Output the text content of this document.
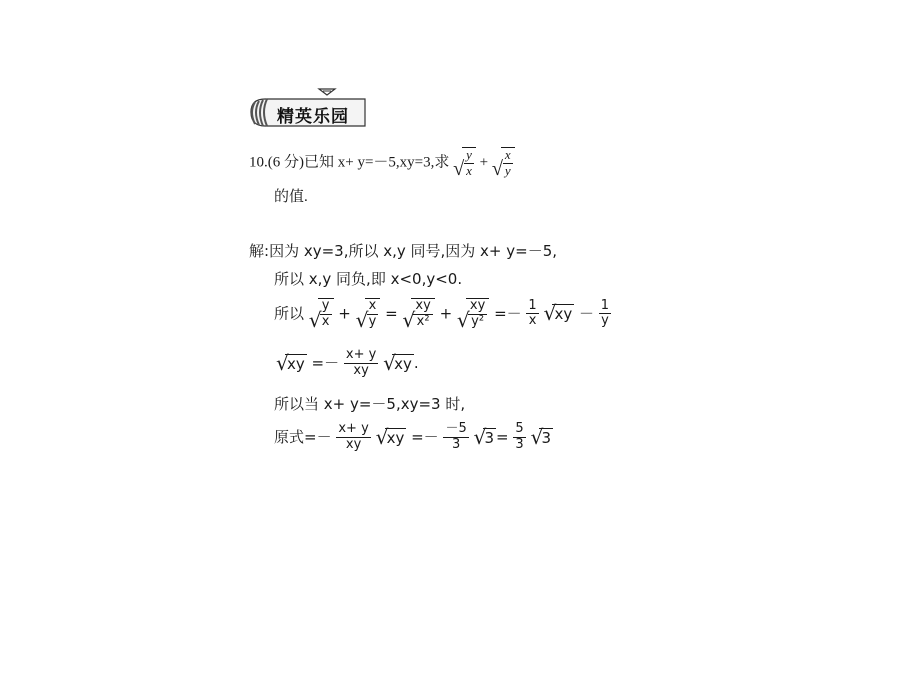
精英乐园
10.(6 分)已知 x+ y=－5,xy=3,求 √ $\frac{y}{x}$ + √ $\frac{x}{y}$
的值.
解:因为 xy=3,所以 x,y 同号,因为 x+ y=－5,
所以 x,y 同负,即 x<0,y<0.
所以 √
$\frac{y}{x}$ + √
$\frac{x}{y}$ = √
$\frac{xy}{\text{x²}}$ + √
$\frac{xy}{\text{y²}} =- \frac{1}{x}$
√
xy － $\frac{1}{y}$
√
xy =－ $\frac{x+ y}{xy}$
√
xy .
所以当 x+ y=－5,xy=3 时,
原式=－ $\frac{x+ y}{xy}$
√
xy =－ $\frac{-5}{3}$
√
$3 = \frac{5}{3}$
√
3
